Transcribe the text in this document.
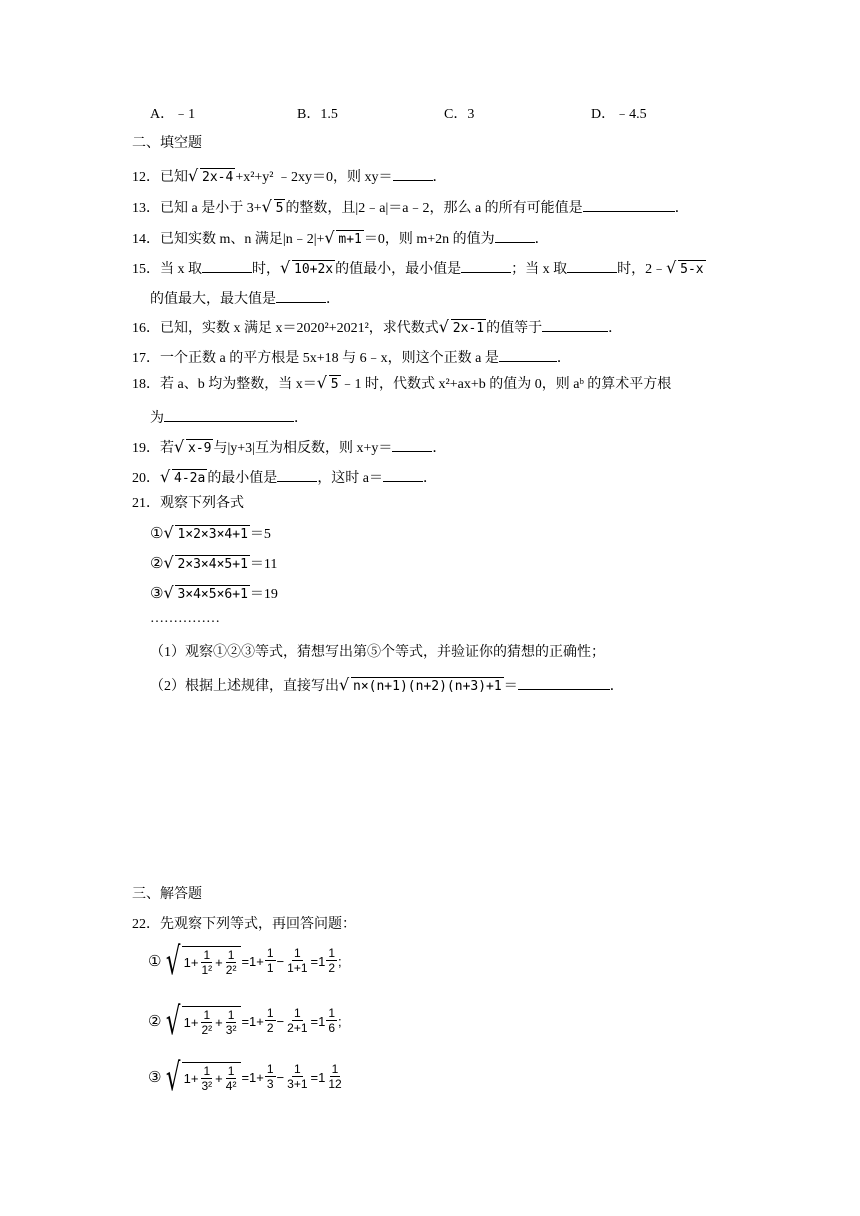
A．﹣1	B．1.5	C．3	D．﹣4.5
二、填空题
12．已知 √ 2x-4 +x²+y² ﹣2xy＝0，则 xy＝	．
13．已知 a 是小于 3+ √ 5 的整数，且|2﹣a|＝a﹣2，那么 a 的所有可能值是	．
14．已知实数 m、n 满足|n﹣2|+ √ m+1 ＝0，则 m+2n 的值为	．
15．当 x 取	时， √ 10+2x 的值最小，最小值是	；当 x 取	时，2﹣ √ 5-x
的值最大，最大值是	．
16．已知，实数 x 满足 x＝2020²+2021²，求代数式 √ 2x-1 的值等于	．
17．一个正数 a 的平方根是 5x+18 与 6﹣x，则这个正数 a 是	．
18．若 a、b 均为整数，当 x＝ √ 5 ﹣1 时，代数式 x²+ax+b 的值为 0，则 aᵇ 的算术平方根
为	．
19．若 √ x-9 与|y+3|互为相反数，则 x+y＝	．
20． √ 4-2a 的最小值是	，这时 a＝	．
21．观察下列各式
① √ 1×2×3×4+1 ＝5
② √ 2×3×4×5+1 ＝11
③ √ 3×4×5×6+1 ＝19
……………
（1）观察①②③等式，猜想写出第⑤个等式，并验证你的猜想的正确性；
（2）根据上述规律，直接写出 √ n×(n+1)(n+2)(n+3)+1 ＝	．
三、解答题
22．先观察下列等式，再回答问题：
① √ $1+ \frac{1}{\text{1²}} + \frac{1}{\text{2²}} =1+ \frac{1}{1} - \frac{1}{1+1} = 1 \frac{1}{2}$ ;
② √ $1+ \frac{1}{\text{2²}} + \frac{1}{\text{3²}} =1+ \frac{1}{2} - \frac{1}{2+1} = 1 \frac{1}{6}$ ;
③ √ $1+ \frac{1}{\text{3²}} + \frac{1}{\text{4²}} =1+ \frac{1}{3} - \frac{1}{3+1} = 1 \frac{1}{12}$
